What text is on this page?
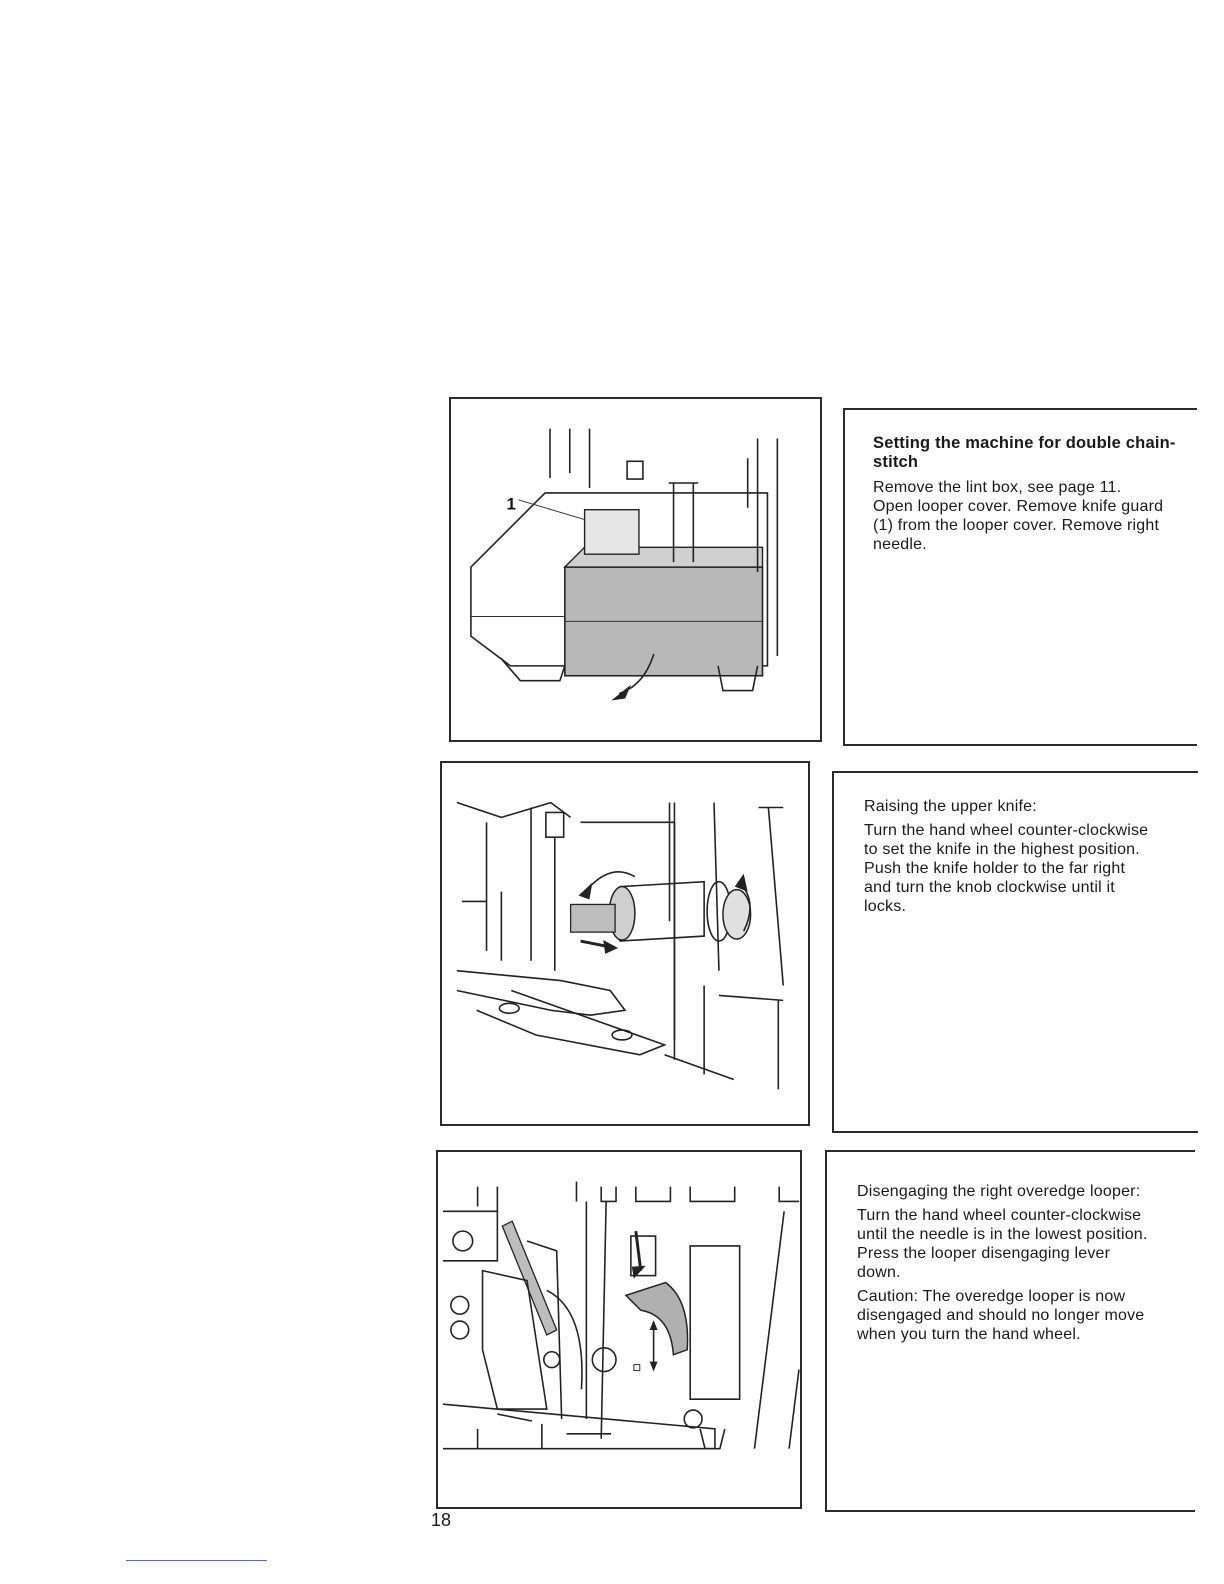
1

Setting the machine for double chain-
stitch

Remove the lint box, see page 11.
Open looper cover. Remove knife guard
(1) from the looper cover. Remove right
needle.

Raising the upper knife:

Turn the hand wheel counter-clockwise
to set the knife in the highest position.
Push the knife holder to the far right
and turn the knob clockwise until it
locks.

Disengaging the right overedge looper:

Turn the hand wheel counter-clockwise
until the needle is in the lowest position.
Press the looper disengaging lever
down.

Caution: The overedge looper is now
disengaged and should no longer move
when you turn the hand wheel.

18
